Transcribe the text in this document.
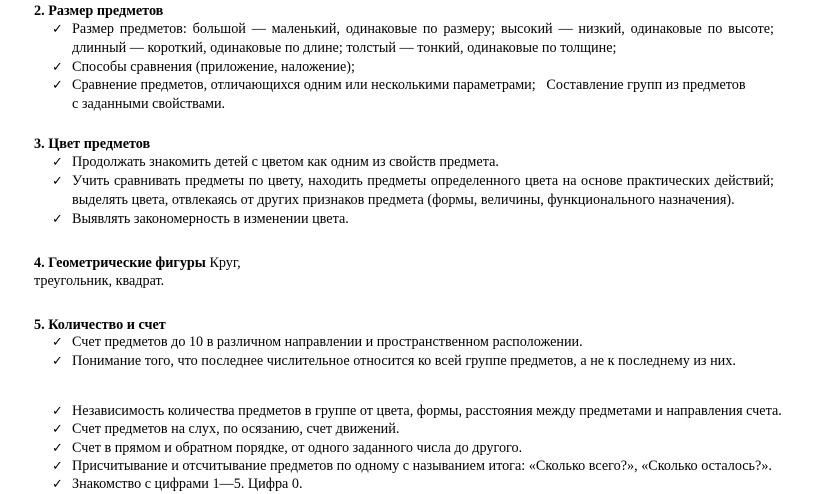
2. Размер предметов
✓ Размер предметов: большой — маленький, одинаковые по размеру; высокий — низкий, одинаковые по высоте; длинный — короткий, одинаковые по длине; толстый — тонкий, одинаковые по толщине;
✓ Способы сравнения (приложение, наложение);
✓ Сравнение предметов, отличающихся одним или несколькими параметрами;   Составление групп из предметов с заданными свойствами.
3. Цвет предметов
✓ Продолжать знакомить детей с цветом как одним из свойств предмета.
✓ Учить сравнивать предметы по цвету, находить предметы определенного цвета на основе практических действий; выделять цвета, отвлекаясь от других признаков предмета (формы, величины, функционального назначения).
✓ Выявлять закономерность в изменении цвета.
4. Геометрические фигуры Круг,
треугольник, квадрат.
5. Количество и счет
✓ Счет предметов до 10 в различном направлении и пространственном расположении.
✓ Понимание того, что последнее числительное относится ко всей группе предметов, а не к последнему из них.
✓ Независимость количества предметов в группе от цвета, формы, расстояния между предметами и направления счета.
✓ Счет предметов на слух, по осязанию, счет движений.
✓ Счет в прямом и обратном порядке, от одного заданного числа до другого.
✓ Присчитывание и отсчитывание предметов по одному с называнием итога: «Сколько всего?», «Сколько осталось?».
✓ Знакомство с цифрами 1—5. Цифра 0.
